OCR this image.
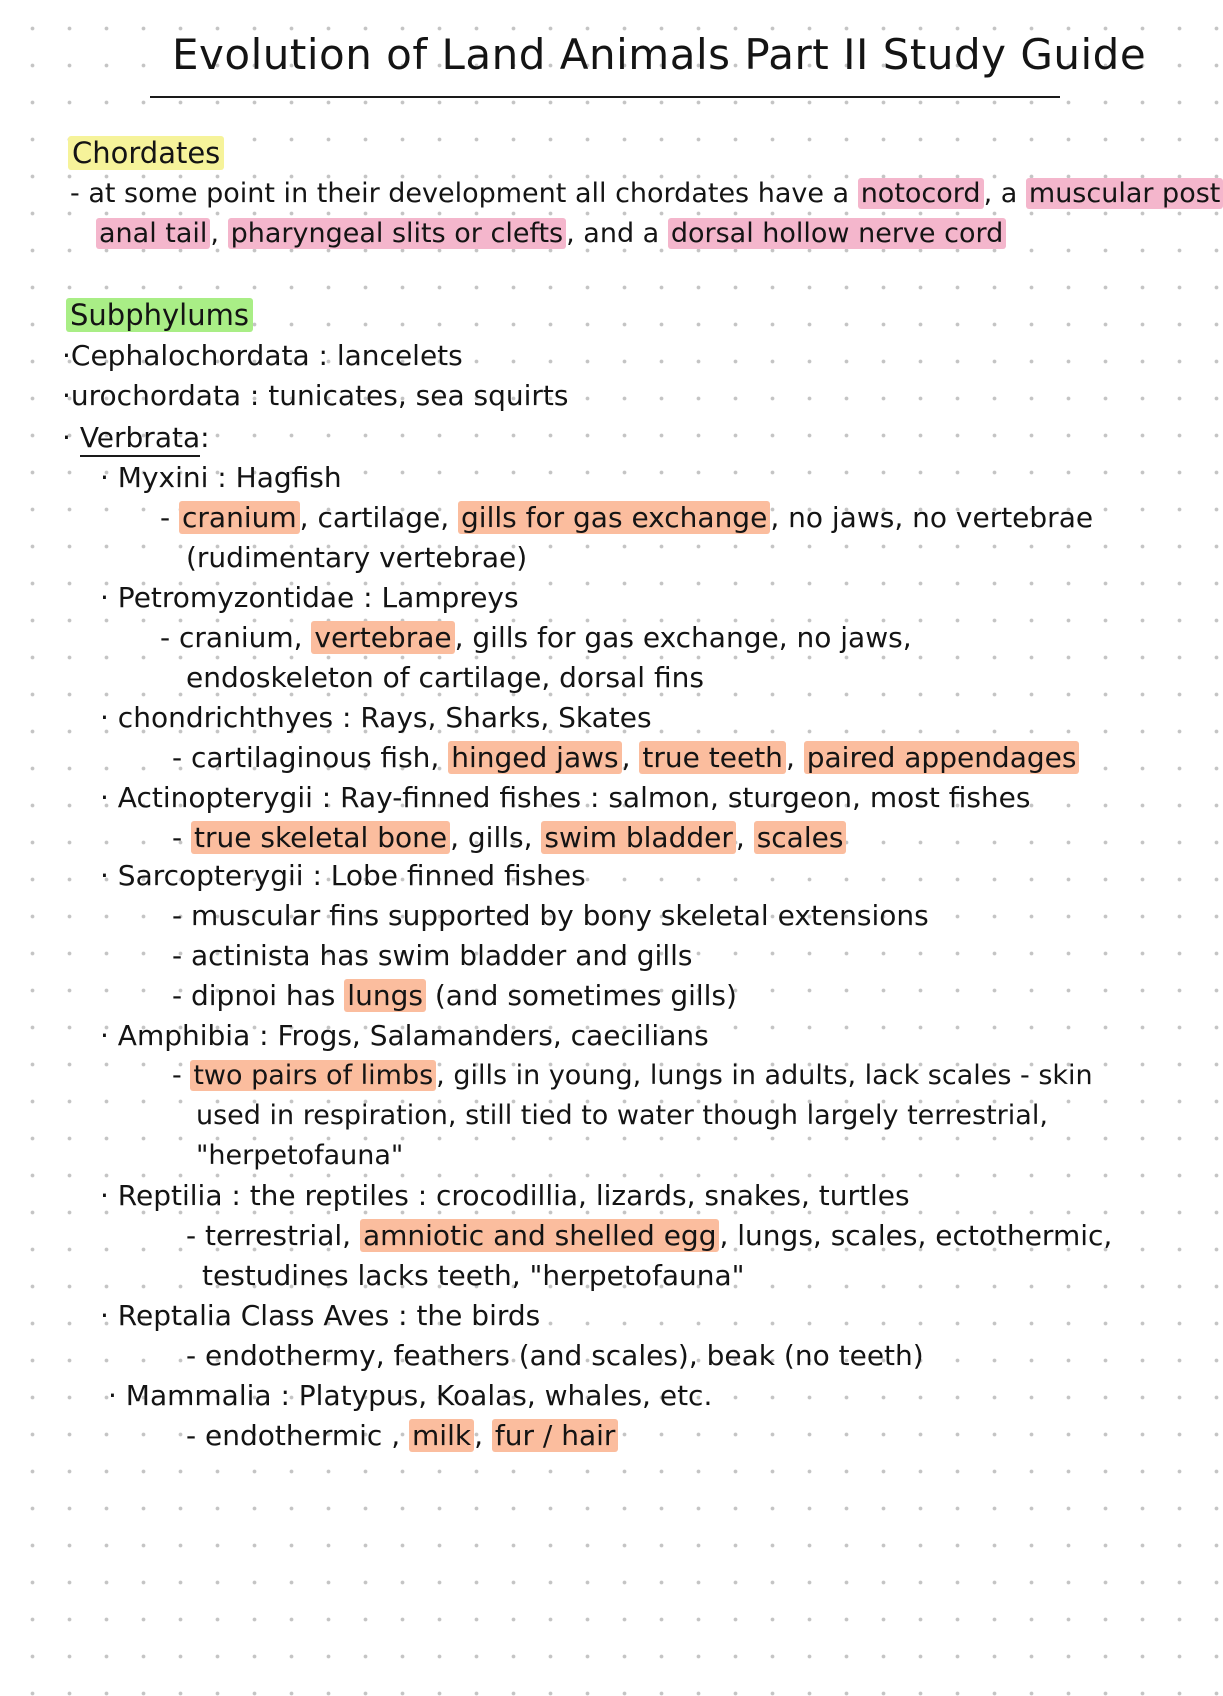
Evolution of Land Animals Part II Study Guide
Chordates
- at some point in their development all chordates have a notocord , a muscular post
anal tail , pharyngeal slits or clefts , and a dorsal hollow nerve cord
Subphylums
·Cephalochordata : lancelets
·urochordata : tunicates, sea squirts
· Verbrata:
· Myxini : Hagfish
- cranium , cartilage, gills for gas exchange , no jaws, no vertebrae
(rudimentary vertebrae)
· Petromyzontidae : Lampreys
- cranium, vertebrae , gills for gas exchange, no jaws,
endoskeleton of cartilage, dorsal fins
· chondrichthyes : Rays, Sharks, Skates
- cartilaginous fish, hinged jaws , true teeth , paired appendages
· Actinopterygii : Ray-finned fishes : salmon, sturgeon, most fishes
- true skeletal bone , gills, swim bladder , scales
· Sarcopterygii : Lobe finned fishes
- muscular fins supported by bony skeletal extensions
- actinista has swim bladder and gills
- dipnoi has lungs (and sometimes gills)
· Amphibia : Frogs, Salamanders, caecilians
- two pairs of limbs , gills in young, lungs in adults, lack scales - skin
used in respiration, still tied to water though largely terrestrial,
"herpetofauna"
· Reptilia : the reptiles : crocodillia, lizards, snakes, turtles
- terrestrial, amniotic and shelled egg , lungs, scales, ectothermic,
testudines lacks teeth, "herpetofauna"
· Reptalia Class Aves : the birds
- endothermy, feathers (and scales), beak (no teeth)
· Mammalia : Platypus, Koalas, whales, etc.
- endothermic , milk , fur / hair
